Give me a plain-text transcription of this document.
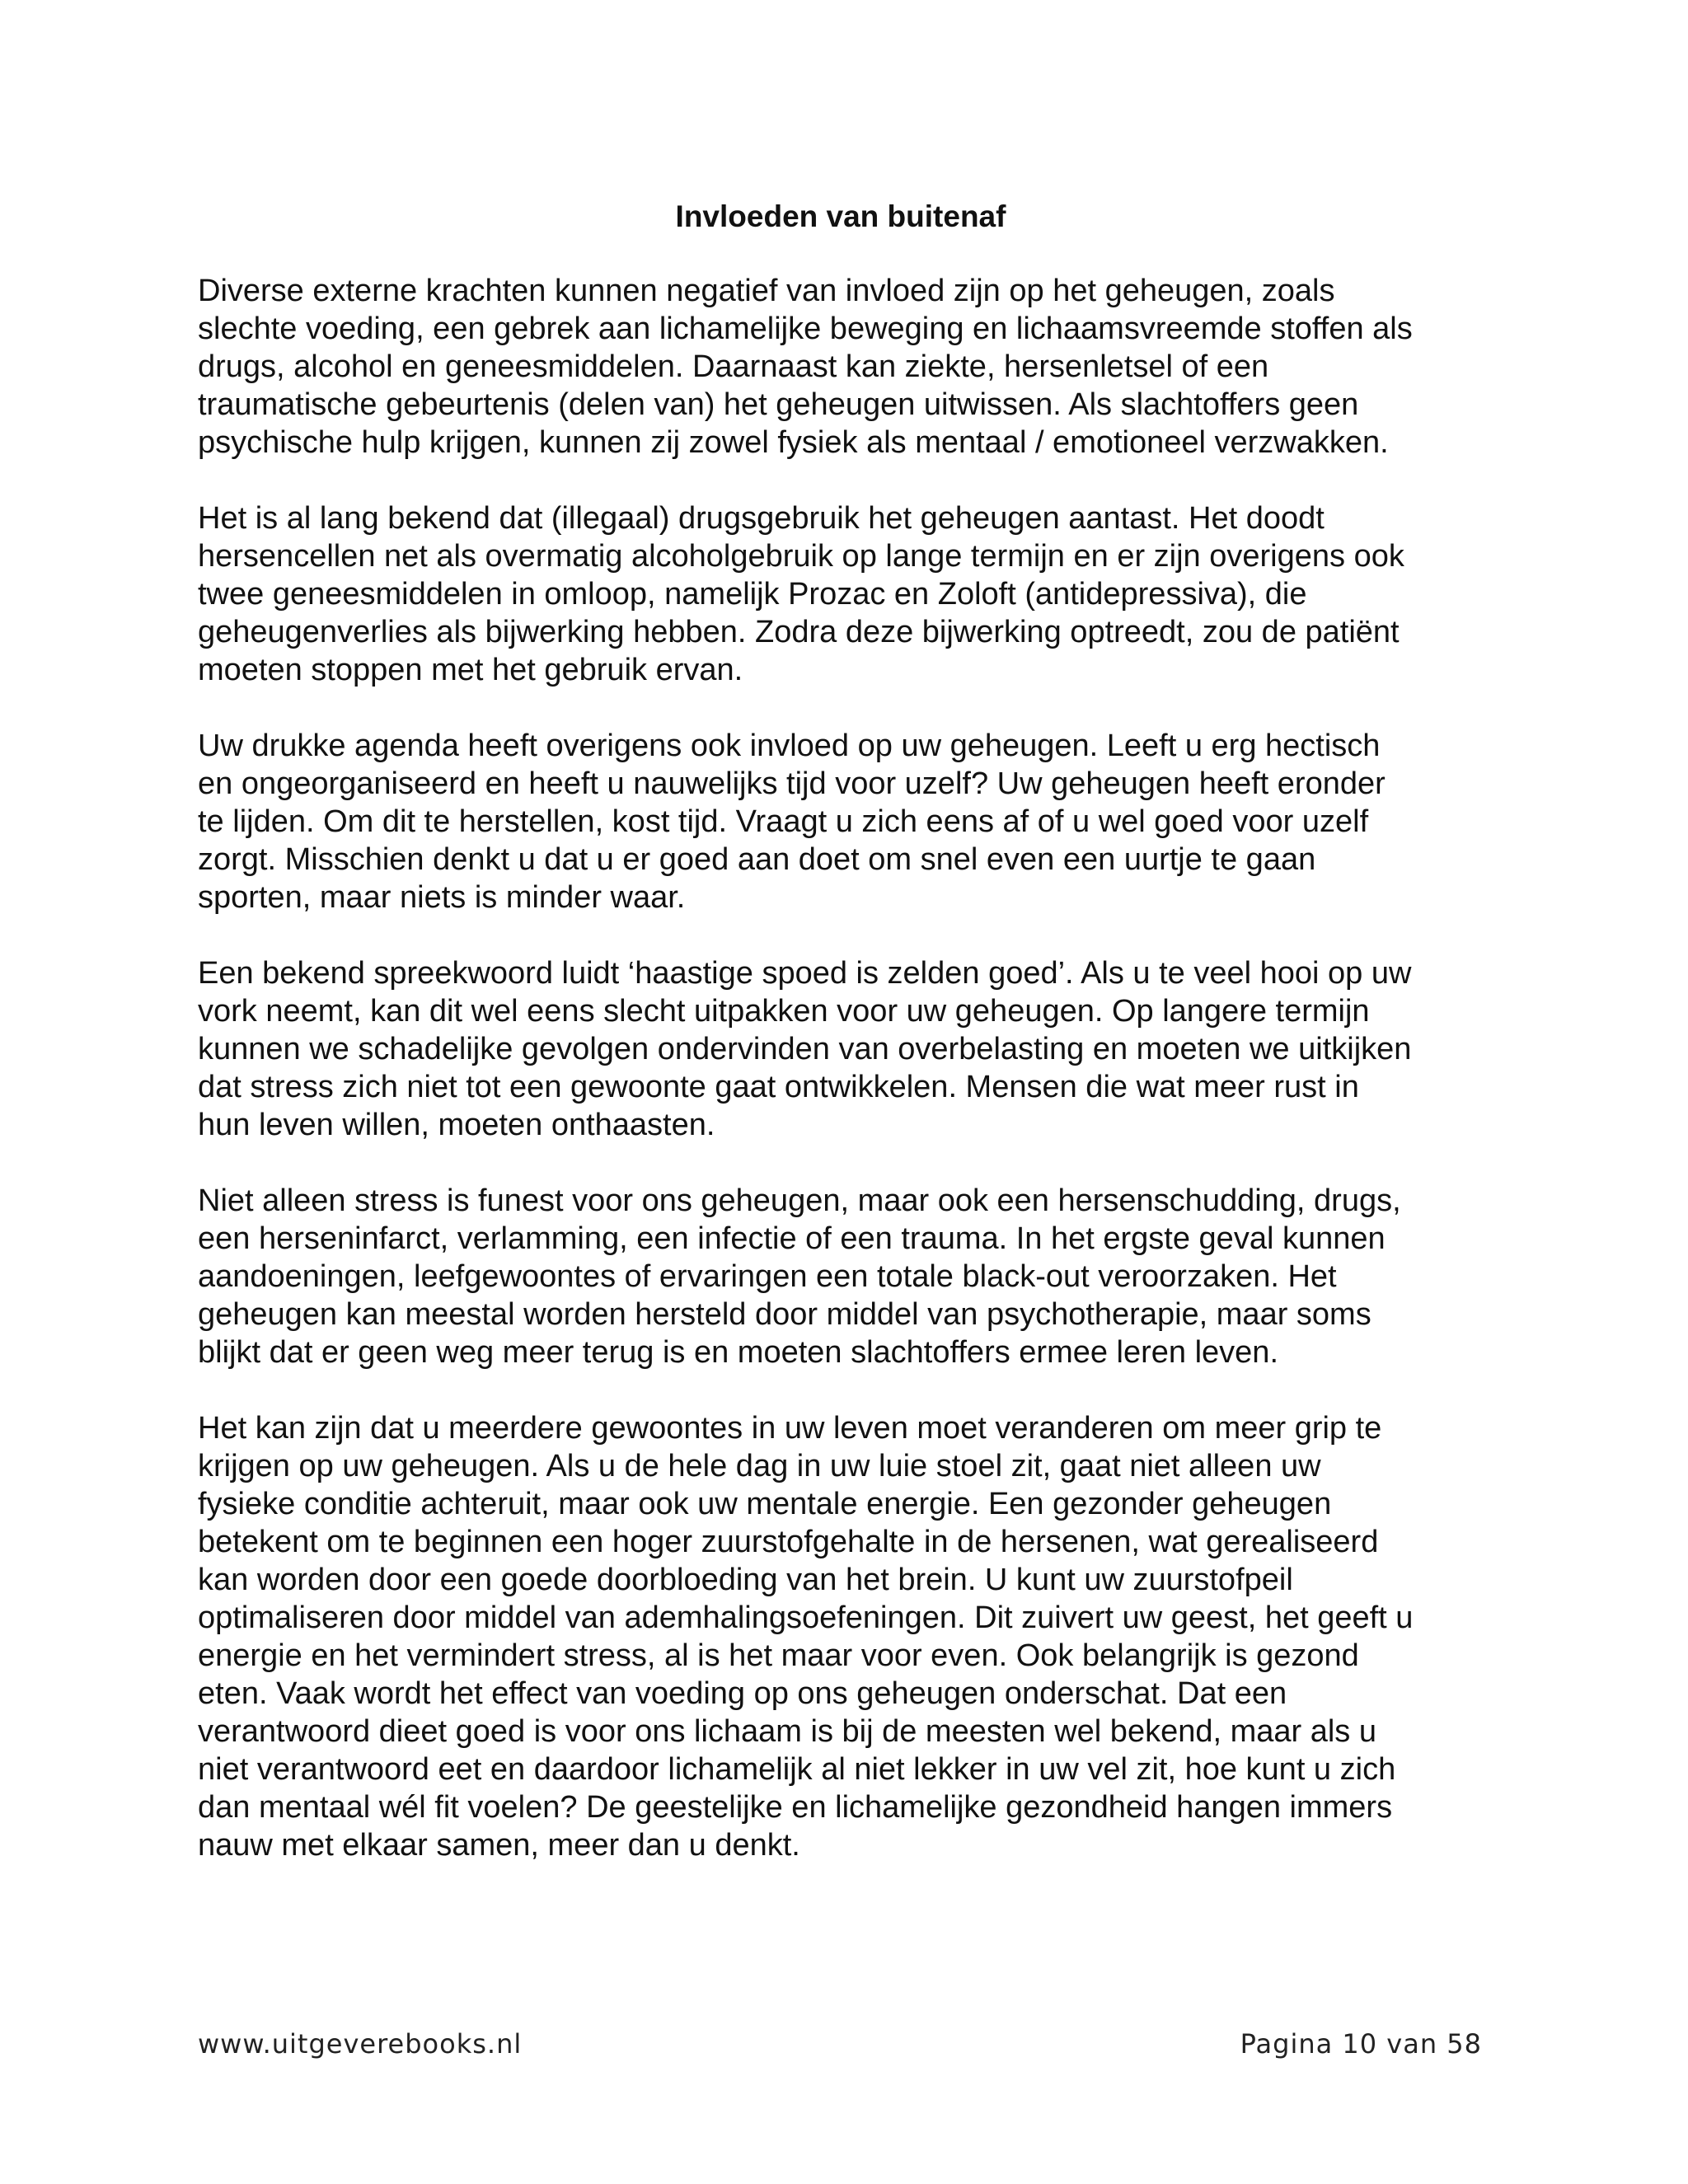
Invloeden van buitenaf

Diverse externe krachten kunnen negatief van invloed zijn op het geheugen, zoals
slechte voeding, een gebrek aan lichamelijke beweging en lichaamsvreemde stoffen als
drugs, alcohol en geneesmiddelen. Daarnaast kan ziekte, hersenletsel of een
traumatische gebeurtenis (delen van) het geheugen uitwissen. Als slachtoffers geen
psychische hulp krijgen, kunnen zij zowel fysiek als mentaal / emotioneel verzwakken.

Het is al lang bekend dat (illegaal) drugsgebruik het geheugen aantast. Het doodt
hersencellen net als overmatig alcoholgebruik op lange termijn en er zijn overigens ook
twee geneesmiddelen in omloop, namelijk Prozac en Zoloft (antidepressiva), die
geheugenverlies als bijwerking hebben. Zodra deze bijwerking optreedt, zou de patiënt
moeten stoppen met het gebruik ervan.

Uw drukke agenda heeft overigens ook invloed op uw geheugen. Leeft u erg hectisch
en ongeorganiseerd en heeft u nauwelijks tijd voor uzelf? Uw geheugen heeft eronder
te lijden. Om dit te herstellen, kost tijd. Vraagt u zich eens af of u wel goed voor uzelf
zorgt. Misschien denkt u dat u er goed aan doet om snel even een uurtje te gaan
sporten, maar niets is minder waar.

Een bekend spreekwoord luidt ‘haastige spoed is zelden goed’. Als u te veel hooi op uw
vork neemt, kan dit wel eens slecht uitpakken voor uw geheugen. Op langere termijn
kunnen we schadelijke gevolgen ondervinden van overbelasting en moeten we uitkijken
dat stress zich niet tot een gewoonte gaat ontwikkelen. Mensen die wat meer rust in
hun leven willen, moeten onthaasten.

Niet alleen stress is funest voor ons geheugen, maar ook een hersenschudding, drugs,
een herseninfarct, verlamming, een infectie of een trauma. In het ergste geval kunnen
aandoeningen, leefgewoontes of ervaringen een totale black-out veroorzaken. Het
geheugen kan meestal worden hersteld door middel van psychotherapie, maar soms
blijkt dat er geen weg meer terug is en moeten slachtoffers ermee leren leven.

Het kan zijn dat u meerdere gewoontes in uw leven moet veranderen om meer grip te
krijgen op uw geheugen. Als u de hele dag in uw luie stoel zit, gaat niet alleen uw
fysieke conditie achteruit, maar ook uw mentale energie. Een gezonder geheugen
betekent om te beginnen een hoger zuurstofgehalte in de hersenen, wat gerealiseerd
kan worden door een goede doorbloeding van het brein. U kunt uw zuurstofpeil
optimaliseren door middel van ademhalingsoefeningen. Dit zuivert uw geest, het geeft u
energie en het vermindert stress, al is het maar voor even. Ook belangrijk is gezond
eten. Vaak wordt het effect van voeding op ons geheugen onderschat. Dat een
verantwoord dieet goed is voor ons lichaam is bij de meesten wel bekend, maar als u
niet verantwoord eet en daardoor lichamelijk al niet lekker in uw vel zit, hoe kunt u zich
dan mentaal wél fit voelen? De geestelijke en lichamelijke gezondheid hangen immers
nauw met elkaar samen, meer dan u denkt.

www.uitgeverebooks.nl	Pagina 10 van 58
